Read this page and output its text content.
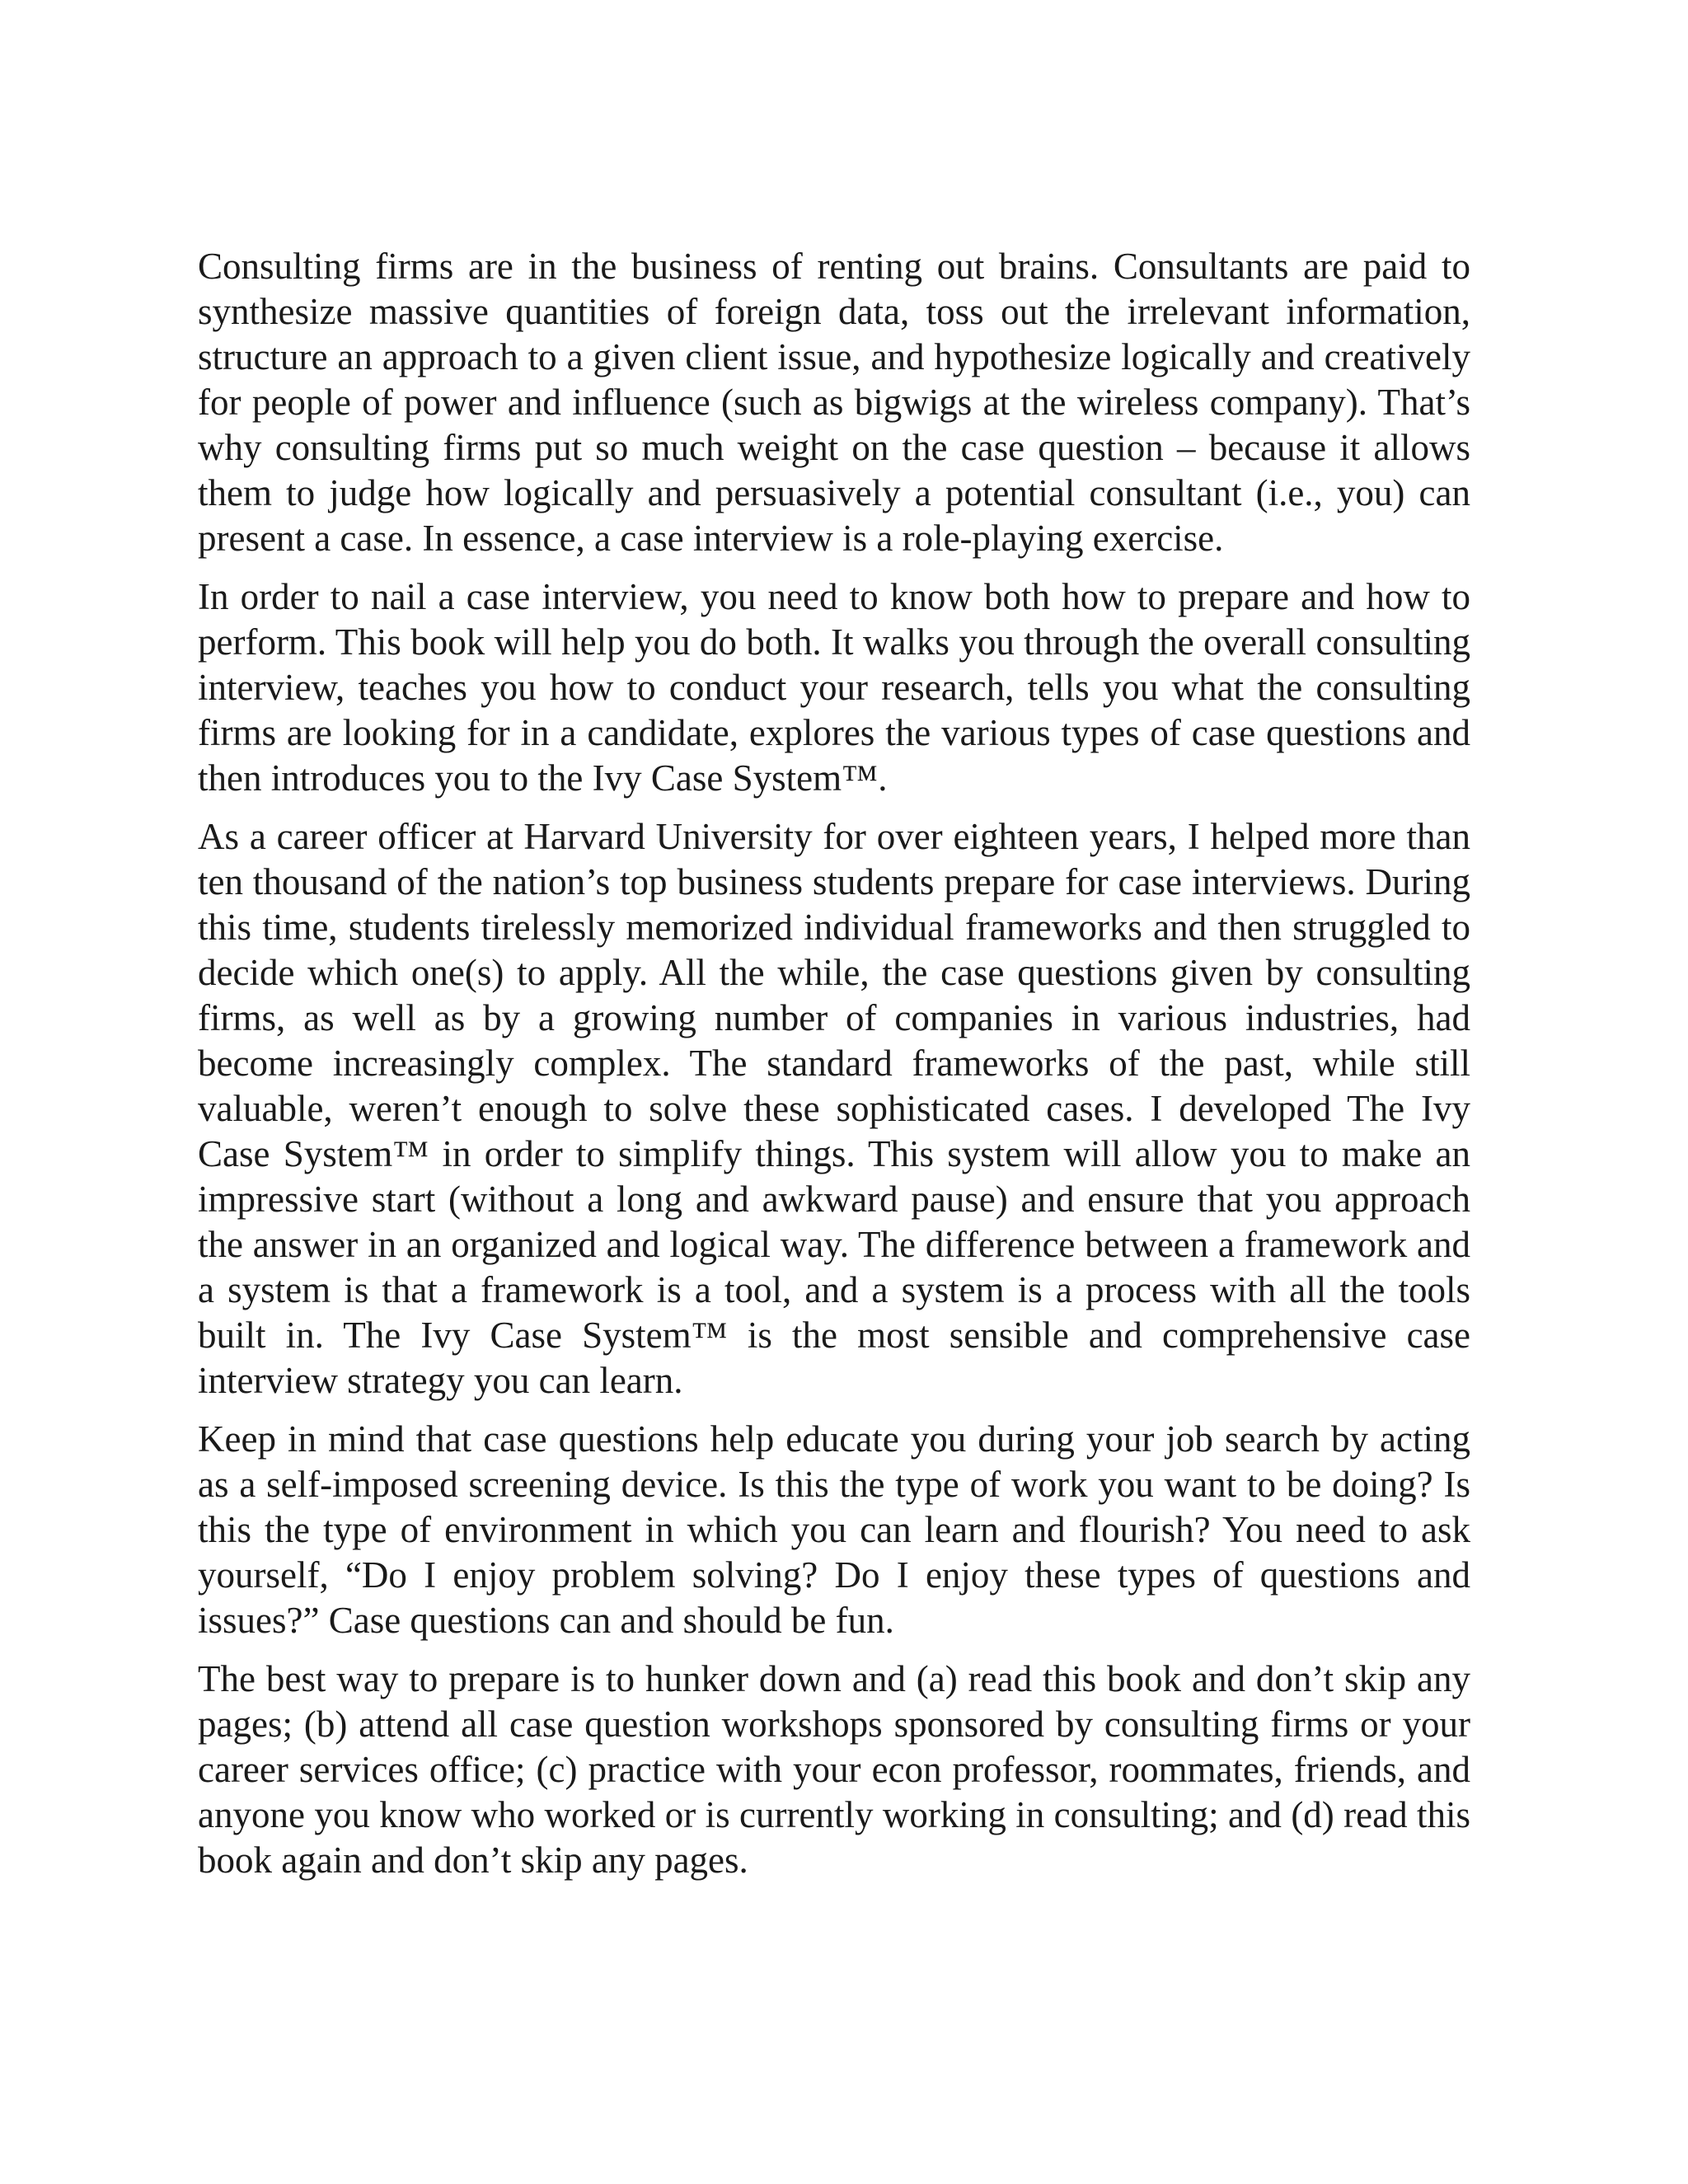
Consulting firms are in the business of renting out brains. Consultants are paid to synthesize massive quantities of foreign data, toss out the irrelevant information, structure an approach to a given client issue, and hypothesize logically and creatively for people of power and influence (such as bigwigs at the wireless company). That’s why consulting firms put so much weight on the case question – because it allows them to judge how logically and persuasively a potential consultant (i.e., you) can present a case. In essence, a case interview is a role-playing exercise.

In order to nail a case interview, you need to know both how to prepare and how to perform. This book will help you do both. It walks you through the overall consulting interview, teaches you how to conduct your research, tells you what the consulting firms are looking for in a candidate, explores the various types of case questions and then introduces you to the Ivy Case System™.

As a career officer at Harvard University for over eighteen years, I helped more than ten thousand of the nation’s top business students prepare for case interviews. During this time, students tirelessly memorized individual frameworks and then struggled to decide which one(s) to apply. All the while, the case questions given by consulting firms, as well as by a growing number of companies in various industries, had become increasingly complex. The standard frameworks of the past, while still valuable, weren’t enough to solve these sophisticated cases. I developed The Ivy Case System™ in order to simplify things. This system will allow you to make an impressive start (without a long and awkward pause) and ensure that you approach the answer in an organized and logical way. The difference between a framework and a system is that a framework is a tool, and a system is a process with all the tools built in. The Ivy Case System™ is the most sensible and comprehensive case interview strategy you can learn.

Keep in mind that case questions help educate you during your job search by acting as a self-imposed screening device. Is this the type of work you want to be doing? Is this the type of environment in which you can learn and flourish? You need to ask yourself, “Do I enjoy problem solving? Do I enjoy these types of questions and issues?” Case questions can and should be fun.

The best way to prepare is to hunker down and (a) read this book and don’t skip any pages; (b) attend all case question workshops sponsored by consulting firms or your career services office; (c) practice with your econ professor, roommates, friends, and anyone you know who worked or is currently working in consulting; and (d) read this book again and don’t skip any pages.
